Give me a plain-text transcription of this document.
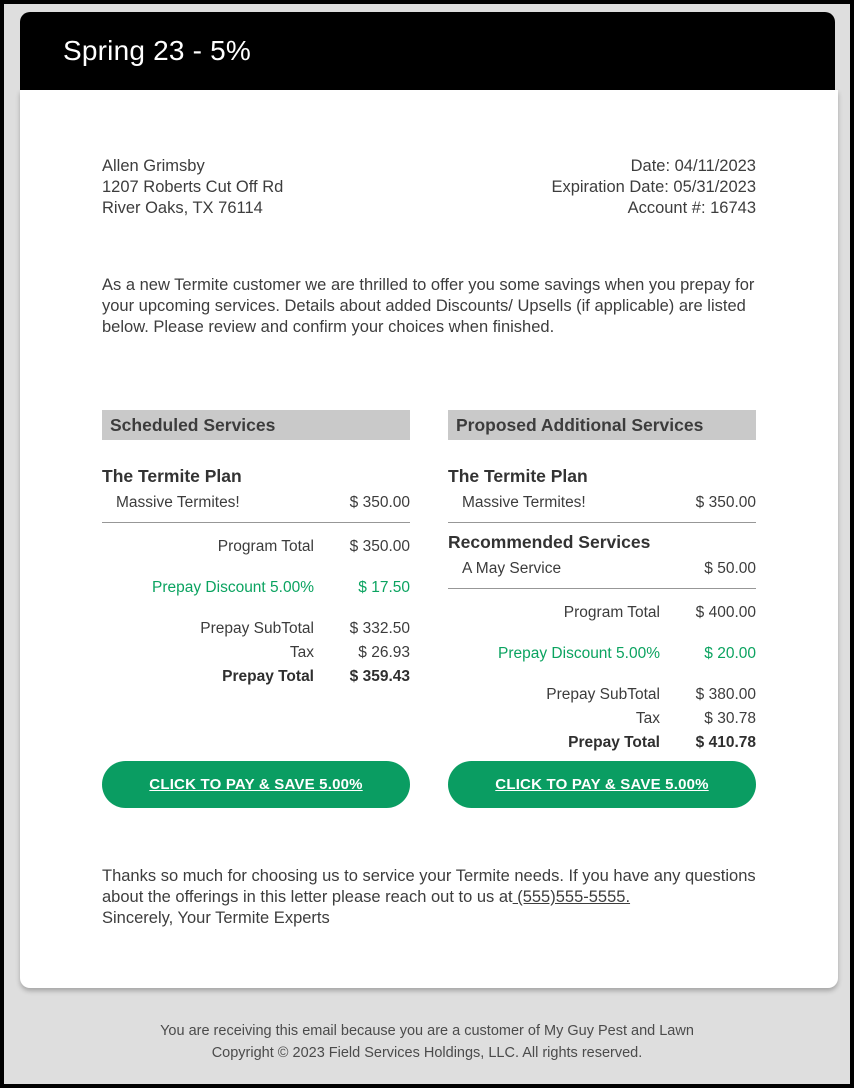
Spring 23 - 5%
Allen Grimsby
1207 Roberts Cut Off Rd
River Oaks, TX 76114
Date: 04/11/2023
Expiration Date: 05/31/2023
Account #: 16743

As a new Termite customer we are thrilled to offer you some savings when you prepay for your upcoming services. Details about added Discounts/ Upsells (if applicable) are listed below. Please review and confirm your choices when finished.

Scheduled Services
The Termite Plan
Massive Termites!	$ 350.00
Program Total	$ 350.00
Prepay Discount 5.00%	$ 17.50
Prepay SubTotal	$ 332.50
Tax	$ 26.93
Prepay Total	$ 359.43
CLICK TO PAY & SAVE 5.00%
Proposed Additional Services
The Termite Plan
Massive Termites!	$ 350.00
Recommended Services
A May Service	$ 50.00
Program Total	$ 400.00
Prepay Discount 5.00%	$ 20.00
Prepay SubTotal	$ 380.00
Tax	$ 30.78
Prepay Total	$ 410.78
CLICK TO PAY & SAVE 5.00%

Thanks so much for choosing us to service your Termite needs. If you have any questions about the offerings in this letter please reach out to us at (555)555-5555.
Sincerely, Your Termite Experts

You are receiving this email because you are a customer of My Guy Pest and Lawn
Copyright © 2023 Field Services Holdings, LLC. All rights reserved.
